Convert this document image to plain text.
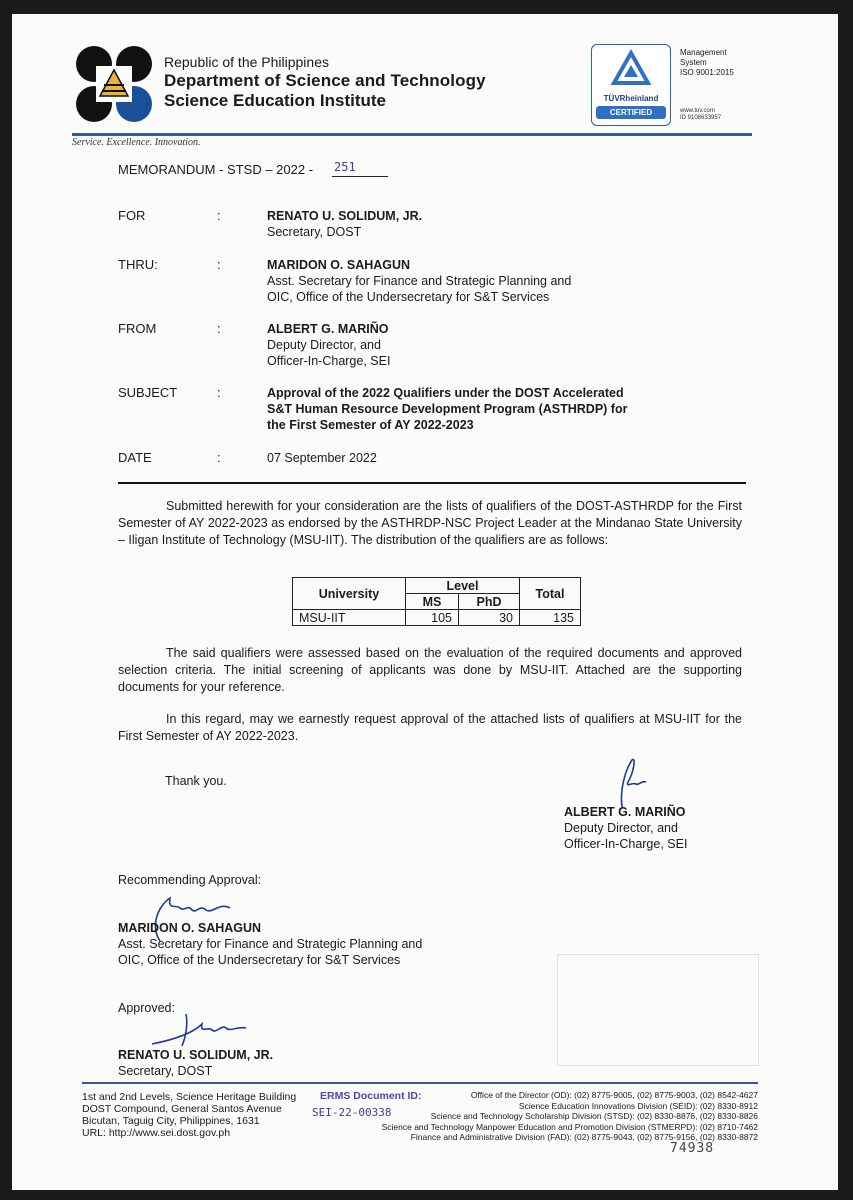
Republic of the Philippines
Department of Science and Technology
Science Education Institute	TÜVRheinland
CERTIFIED
Management
System
ISO 9001:2015
www.tuv.com
ID 9108633957
Service. Excellence. Innovation.
MEMORANDUM - STSD – 2022 - 251
FOR	:	RENATO U. SOLIDUM, JR.
Secretary, DOST
THRU:	:	MARIDON O. SAHAGUN
Asst. Secretary for Finance and Strategic Planning and
OIC, Office of the Undersecretary for S&T Services
FROM	:	ALBERT G. MARIÑO
Deputy Director, and
Officer-In-Charge, SEI
SUBJECT	:	Approval of the 2022 Qualifiers under the DOST Accelerated
S&T Human Resource Development Program (ASTHRDP) for
the First Semester of AY 2022-2023
DATE	:	07 September 2022
Submitted herewith for your consideration are the lists of qualifiers of the DOST-ASTHRDP for the First Semester of AY 2022-2023 as endorsed by the ASTHRDP-NSC Project Leader at the Mindanao State University – Iligan Institute of Technology (MSU-IIT). The distribution of the qualifiers are as follows:
University	Level		Total
	MS	PhD	
MSU-IIT	105	30	135
The said qualifiers were assessed based on the evaluation of the required documents and approved selection criteria. The initial screening of applicants was done by MSU-IIT. Attached are the supporting documents for your reference.
In this regard, may we earnestly request approval of the attached lists of qualifiers at MSU-IIT for the First Semester of AY 2022-2023.
Thank you.
ALBERT G. MARIÑO
Deputy Director, and
Officer-In-Charge, SEI
Recommending Approval:
MARIDON O. SAHAGUN
Asst. Secretary for Finance and Strategic Planning and
OIC, Office of the Undersecretary for S&T Services
Approved:
RENATO U. SOLIDUM, JR.
Secretary, DOST
1st and 2nd Levels, Science Heritage Building
DOST Compound, General Santos Avenue
Bicutan, Taguig City, Philippines, 1631
URL: http://www.sei.dost.gov.ph
Office of the Director (OD): (02) 8775-9005, (02) 8775-9003, (02) 8542-4627
Science Education Innovations Division (SEID): (02) 8330-8912
Science and Technology Scholarship Division (STSD): (02) 8330-8876, (02) 8330-8826
Science and Technology Manpower Education and Promotion Division (STMERPD): (02) 8710-7462
Finance and Administrative Division (FAD): (02) 8775-9043, (02) 8775-9156, (02) 8330-8872
ERMS Document ID:
SEI-22-00338
74938
